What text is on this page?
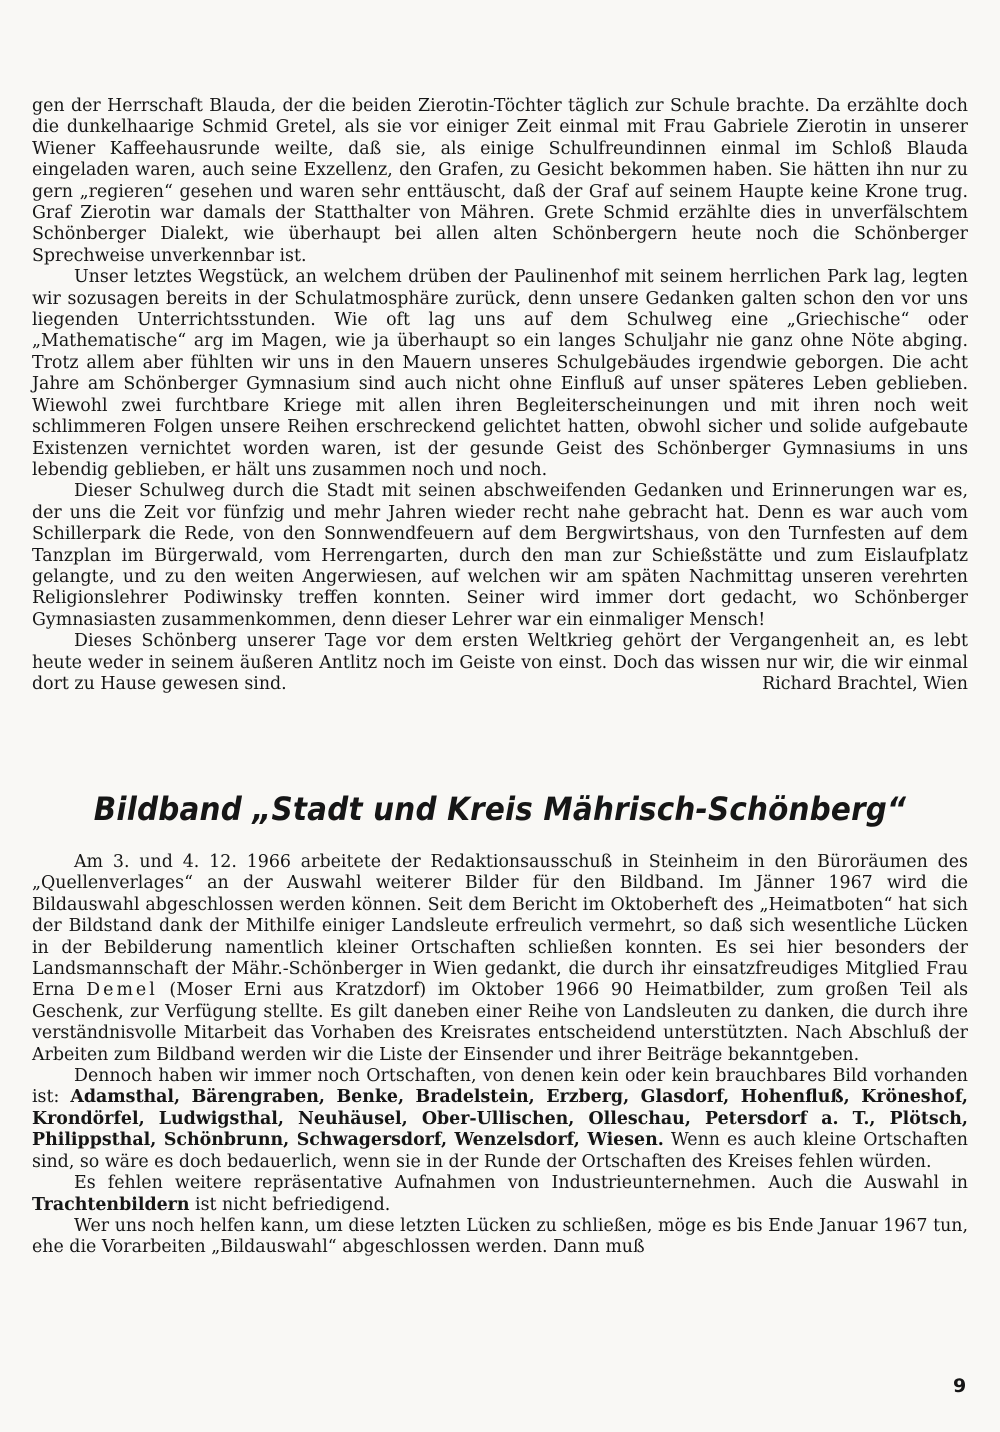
gen der Herrschaft Blauda, der die beiden Zierotin-Töchter täglich zur Schule brachte. Da erzählte doch die dunkelhaarige Schmid Gretel, als sie vor einiger Zeit einmal mit Frau Gabriele Zierotin in unserer Wiener Kaffeehausrunde weilte, daß sie, als einige Schulfreundinnen einmal im Schloß Blauda eingeladen waren, auch seine Exzellenz, den Grafen, zu Gesicht bekommen haben. Sie hätten ihn nur zu gern „regieren“ gesehen und waren sehr enttäuscht, daß der Graf auf seinem Haupte keine Krone trug. Graf Zierotin war damals der Statthalter von Mähren. Grete Schmid erzählte dies in unverfälschtem Schönberger Dialekt, wie überhaupt bei allen alten Schönbergern heute noch die Schönberger Sprechweise unverkennbar ist.

Unser letztes Wegstück, an welchem drüben der Paulinenhof mit seinem herrlichen Park lag, legten wir sozusagen bereits in der Schulatmosphäre zurück, denn unsere Gedanken galten schon den vor uns liegenden Unterrichtsstunden. Wie oft lag uns auf dem Schulweg eine „Griechische“ oder „Mathematische“ arg im Magen, wie ja überhaupt so ein langes Schuljahr nie ganz ohne Nöte abging. Trotz allem aber fühlten wir uns in den Mauern unseres Schulgebäudes irgendwie geborgen. Die acht Jahre am Schönberger Gymnasium sind auch nicht ohne Einfluß auf unser späteres Leben geblieben. Wiewohl zwei furchtbare Kriege mit allen ihren Begleiterscheinungen und mit ihren noch weit schlimmeren Folgen unsere Reihen erschreckend gelichtet hatten, obwohl sicher und solide aufgebaute Existenzen vernichtet worden waren, ist der gesunde Geist des Schönberger Gymnasiums in uns lebendig geblieben, er hält uns zusammen noch und noch.

Dieser Schulweg durch die Stadt mit seinen abschweifenden Gedanken und Erinnerungen war es, der uns die Zeit vor fünfzig und mehr Jahren wieder recht nahe gebracht hat. Denn es war auch vom Schillerpark die Rede, von den Sonnwendfeuern auf dem Bergwirtshaus, von den Turnfesten auf dem Tanzplan im Bürgerwald, vom Herrengarten, durch den man zur Schießstätte und zum Eislaufplatz gelangte, und zu den weiten Angerwiesen, auf welchen wir am späten Nachmittag unseren verehrten Religionslehrer Podiwinsky treffen konnten. Seiner wird immer dort gedacht, wo Schönberger Gymnasiasten zusammenkommen, denn dieser Lehrer war ein einmaliger Mensch!

Dieses Schönberg unserer Tage vor dem ersten Weltkrieg gehört der Vergangenheit an, es lebt heute weder in seinem äußeren Antlitz noch im Geiste von einst. Doch das wissen nur wir, die wir einmal dort zu Hause gewesen sind.	Richard Brachtel, Wien

Bildband „Stadt und Kreis Mährisch-Schönberg“

Am 3. und 4. 12. 1966 arbeitete der Redaktionsausschuß in Steinheim in den Büroräumen des „Quellenverlages“ an der Auswahl weiterer Bilder für den Bildband. Im Jänner 1967 wird die Bildauswahl abgeschlossen werden können. Seit dem Bericht im Oktoberheft des „Heimatboten“ hat sich der Bildstand dank der Mithilfe einiger Landsleute erfreulich vermehrt, so daß sich wesentliche Lücken in der Bebilderung namentlich kleiner Ortschaften schließen konnten. Es sei hier besonders der Landsmannschaft der Mähr.-Schönberger in Wien gedankt, die durch ihr einsatzfreudiges Mitglied Frau Erna Demel (Moser Erni aus Kratzdorf) im Oktober 1966 90 Heimatbilder, zum großen Teil als Geschenk, zur Verfügung stellte. Es gilt daneben einer Reihe von Landsleuten zu danken, die durch ihre verständnisvolle Mitarbeit das Vorhaben des Kreisrates entscheidend unterstützten. Nach Abschluß der Arbeiten zum Bildband werden wir die Liste der Einsender und ihrer Beiträge bekanntgeben.

Dennoch haben wir immer noch Ortschaften, von denen kein oder kein brauchbares Bild vorhanden ist: Adamsthal, Bärengraben, Benke, Bradelstein, Erzberg, Glasdorf, Hohenfluß, Kröneshof, Krondörfel, Ludwigsthal, Neuhäusel, Ober-Ullischen, Olleschau, Petersdorf a. T., Plötsch, Philippsthal, Schönbrunn, Schwagersdorf, Wenzelsdorf, Wiesen. Wenn es auch kleine Ortschaften sind, so wäre es doch bedauerlich, wenn sie in der Runde der Ortschaften des Kreises fehlen würden.

Es fehlen weitere repräsentative Aufnahmen von Industrieunternehmen. Auch die Auswahl in Trachtenbildern ist nicht befriedigend.

Wer uns noch helfen kann, um diese letzten Lücken zu schließen, möge es bis Ende Januar 1967 tun, ehe die Vorarbeiten „Bildauswahl“ abgeschlossen werden. Dann muß

9
